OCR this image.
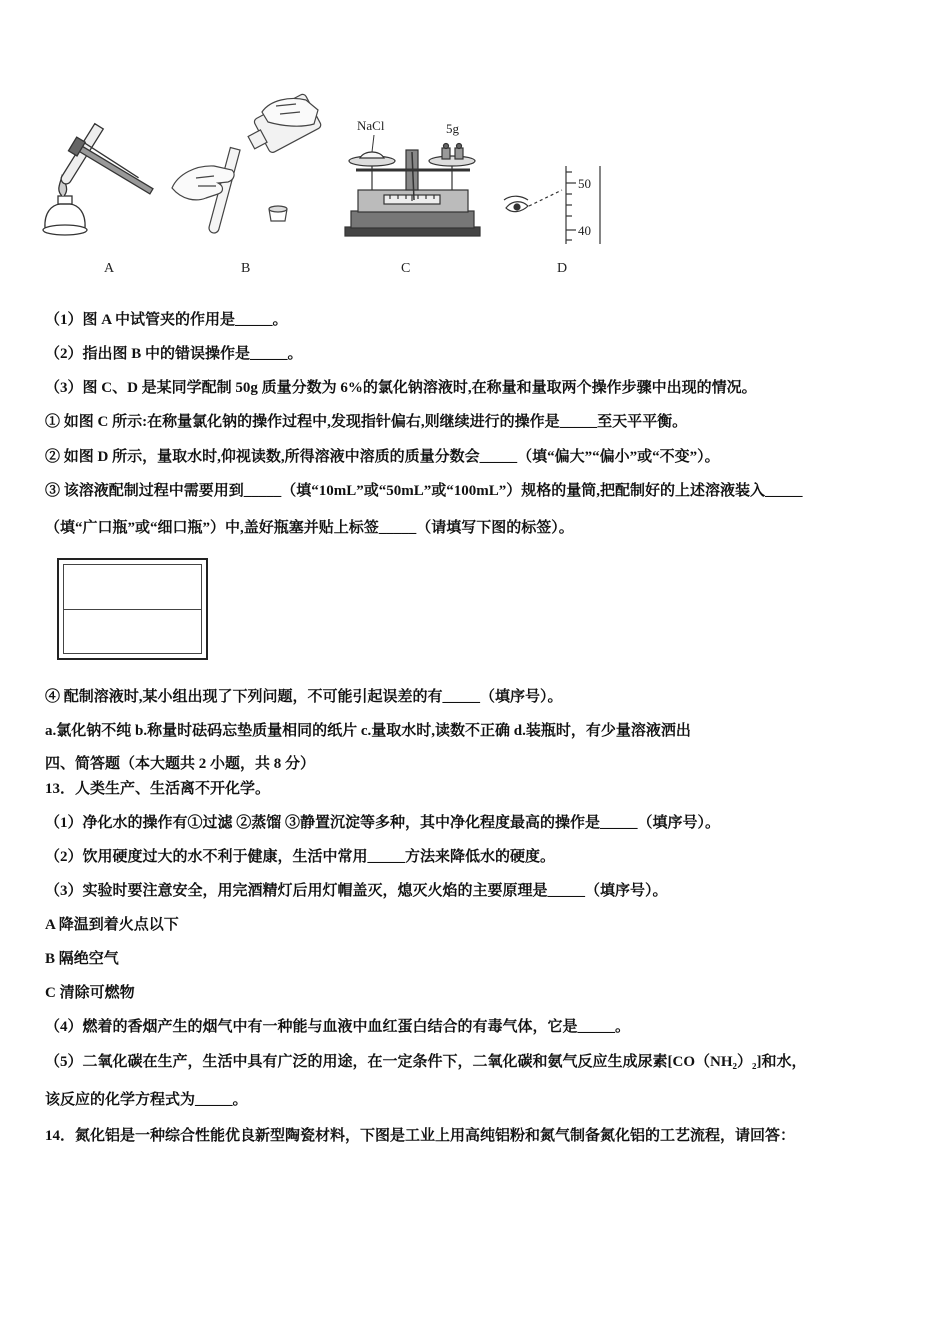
NaCl	5g
50
40
A	B	C	D
（1）图 A 中试管夹的作用是_____。
（2）指出图 B 中的错误操作是_____。
（3）图 C、D 是某同学配制 50g 质量分数为 6%的氯化钠溶液时,在称量和量取两个操作步骤中出现的情况。
① 如图 C 所示:在称量氯化钠的操作过程中,发现指针偏右,则继续进行的操作是_____至天平平衡。
② 如图 D 所示，量取水时,仰视读数,所得溶液中溶质的质量分数会_____（填“偏大”“偏小”或“不变”）。
③ 该溶液配制过程中需要用到_____（填“10mL”或“50mL”或“100mL”）规格的量筒,把配制好的上述溶液装入_____
（填“广口瓶”或“细口瓶”）中,盖好瓶塞并贴上标签_____（请填写下图的标签）。
④ 配制溶液时,某小组出现了下列问题，不可能引起误差的有_____（填序号）。
a.氯化钠不纯 b.称量时砝码忘垫质量相同的纸片 c.量取水时,读数不正确 d.装瓶时，有少量溶液洒出
四、简答题（本大题共 2 小题，共 8 分）
13．人类生产、生活离不开化学。
（1）净化水的操作有①过滤 ②蒸馏 ③静置沉淀等多种，其中净化程度最高的操作是_____（填序号）。
（2）饮用硬度过大的水不利于健康，生活中常用_____方法来降低水的硬度。
（3）实验时要注意安全，用完酒精灯后用灯帽盖灭，熄灭火焰的主要原理是_____（填序号）。
A 降温到着火点以下
B 隔绝空气
C 清除可燃物
（4）燃着的香烟产生的烟气中有一种能与血液中血红蛋白结合的有毒气体，它是_____。
（5）二氧化碳在生产，生活中具有广泛的用途，在一定条件下，二氧化碳和氨气反应生成尿素[CO（NH₂）₂]和水，
该反应的化学方程式为_____。
14．氮化铝是一种综合性能优良新型陶瓷材料，下图是工业上用高纯铝粉和氮气制备氮化铝的工艺流程，请回答：
